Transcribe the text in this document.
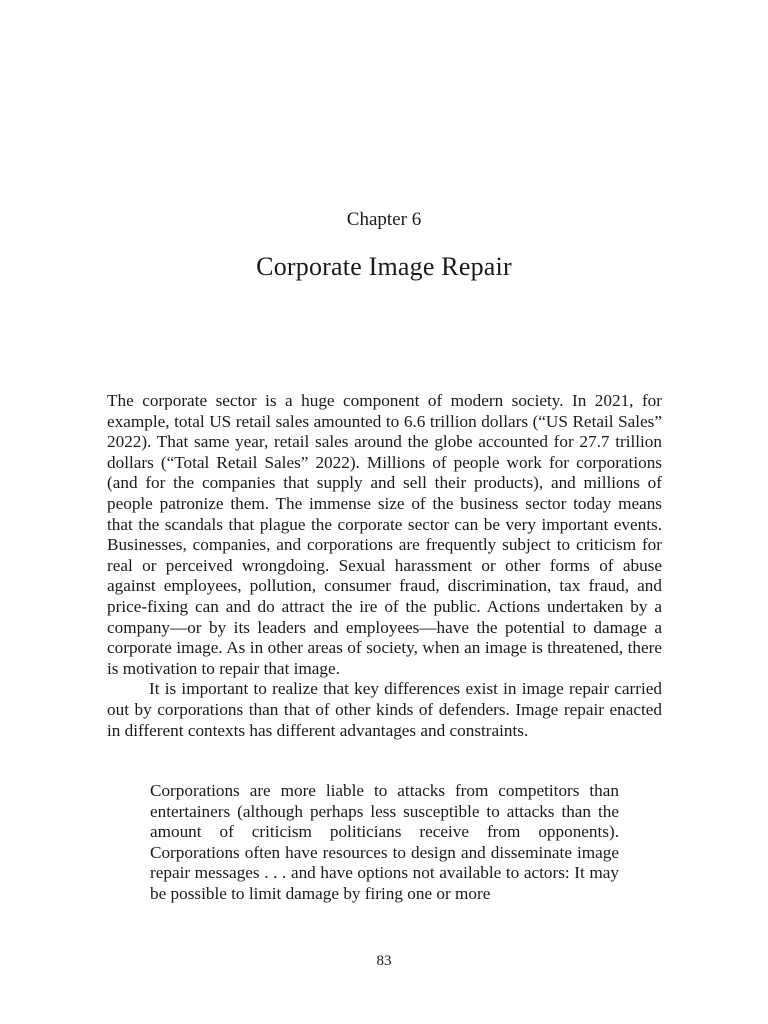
Chapter 6
Corporate Image Repair

The corporate sector is a huge component of modern society. In 2021, for example, total US retail sales amounted to 6.6 trillion dollars (“US Retail Sales” 2022). That same year, retail sales around the globe accounted for 27.7 trillion dollars (“Total Retail Sales” 2022). Millions of people work for corporations (and for the companies that supply and sell their products), and millions of people patronize them. The immense size of the business sector today means that the scandals that plague the corporate sector can be very important events. Businesses, companies, and corporations are frequently subject to criticism for real or perceived wrongdoing. Sexual harassment or other forms of abuse against employees, pollution, consumer fraud, discrimination, tax fraud, and price-fixing can and do attract the ire of the public. Actions undertaken by a company—or by its leaders and employees—have the potential to damage a corporate image. As in other areas of society, when an image is threatened, there is motivation to repair that image.

It is important to realize that key differences exist in image repair carried out by corporations than that of other kinds of defenders. Image repair enacted in different contexts has different advantages and constraints.

Corporations are more liable to attacks from competitors than entertainers (although perhaps less susceptible to attacks than the amount of criticism politicians receive from opponents). Corporations often have resources to design and disseminate image repair messages . . . and have options not available to actors: It may be possible to limit damage by firing one or more

83
